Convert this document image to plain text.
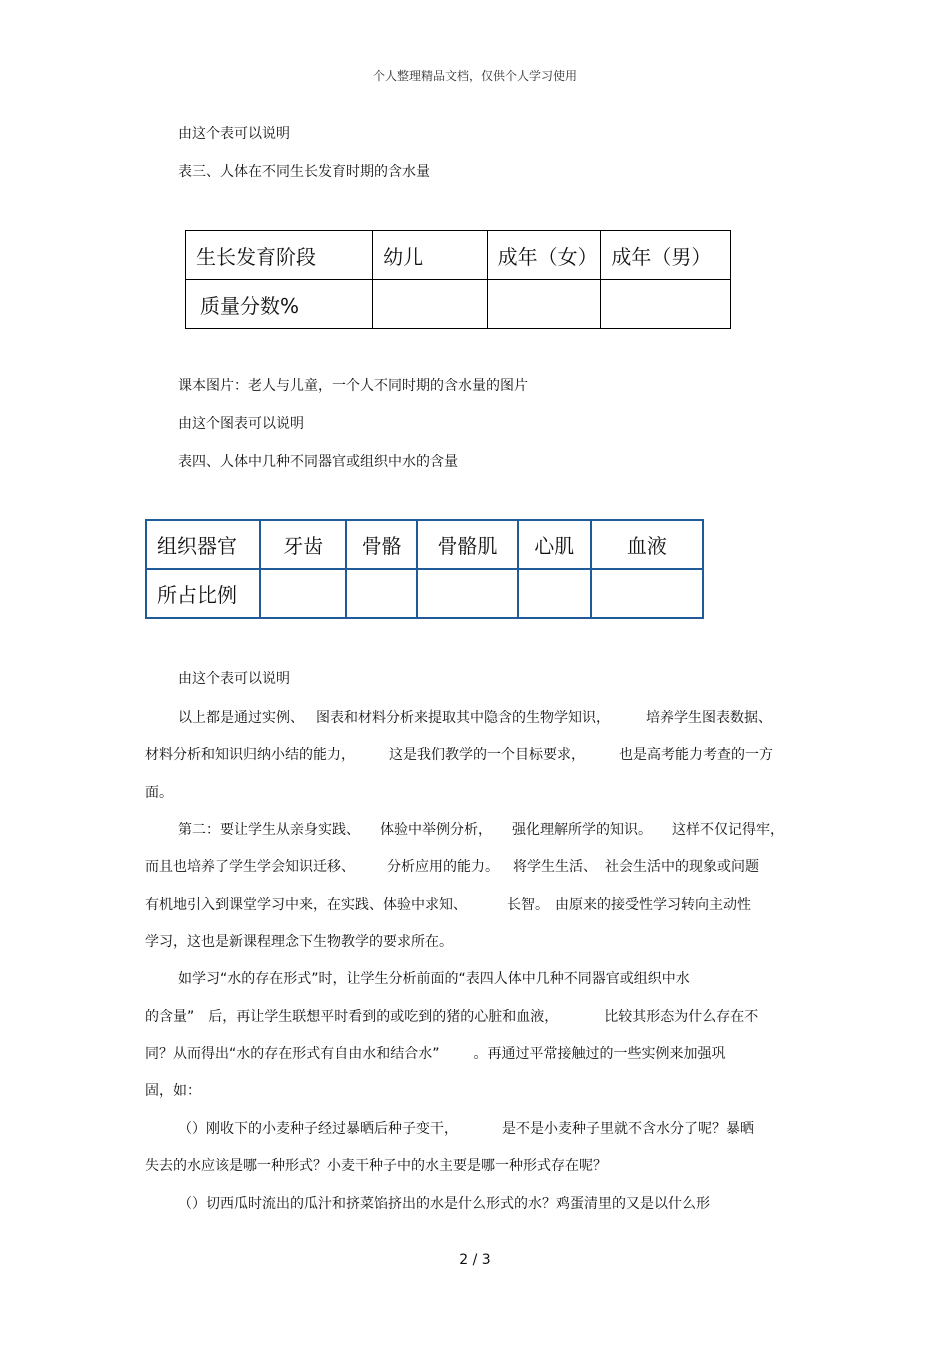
个人整理精品文档，仅供个人学习使用
由这个表可以说明
表三、人体在不同生长发育时期的含水量
生长发育阶段	幼儿	成年（女）	成年（男）
质量分数%			
课本图片：老人与儿童，一个人不同时期的含水量的图片
由这个图表可以说明
表四、人体中几种不同器官或组织中水的含量
组织器官	牙齿	骨骼	骨骼肌	心肌	血液
所占比例					
由这个表可以说明
以上都是通过实例、 图表和材料分析来提取其中隐含的生物学知识，	培养学生图表数据、
材料分析和知识归纳小结的能力， 这是我们教学的一个目标要求， 也是高考能力考查的一方
面。
第二：要让学生从亲身实践、 体验中举例分析， 强化理解所学的知识。 这样不仅记得牢，
而且也培养了学生学会知识迁移、 分析应用的能力。 将学生生活、 社会生活中的现象或问题
有机地引入到课堂学习中来，在实践、体验中求知、	长智。 由原来的接受性学习转向主动性
学习，这也是新课程理念下生物教学的要求所在。
如学习“水的存在形式”时，让学生分析前面的“表四人体中几种不同器官或组织中水
的含量” 后，再让学生联想平时看到的或吃到的猪的心脏和血液，	比较其形态为什么存在不
同？从而得出“水的存在形式有自由水和结合水” 。再通过平常接触过的一些实例来加强巩
固，如：
（）刚收下的小麦种子经过暴晒后种子变干，	是不是小麦种子里就不含水分了呢？暴晒
失去的水应该是哪一种形式？小麦干种子中的水主要是哪一种形式存在呢？
（）切西瓜时流出的瓜汁和挤菜馅挤出的水是什么形式的水？鸡蛋清里的又是以什么形
2 / 3
